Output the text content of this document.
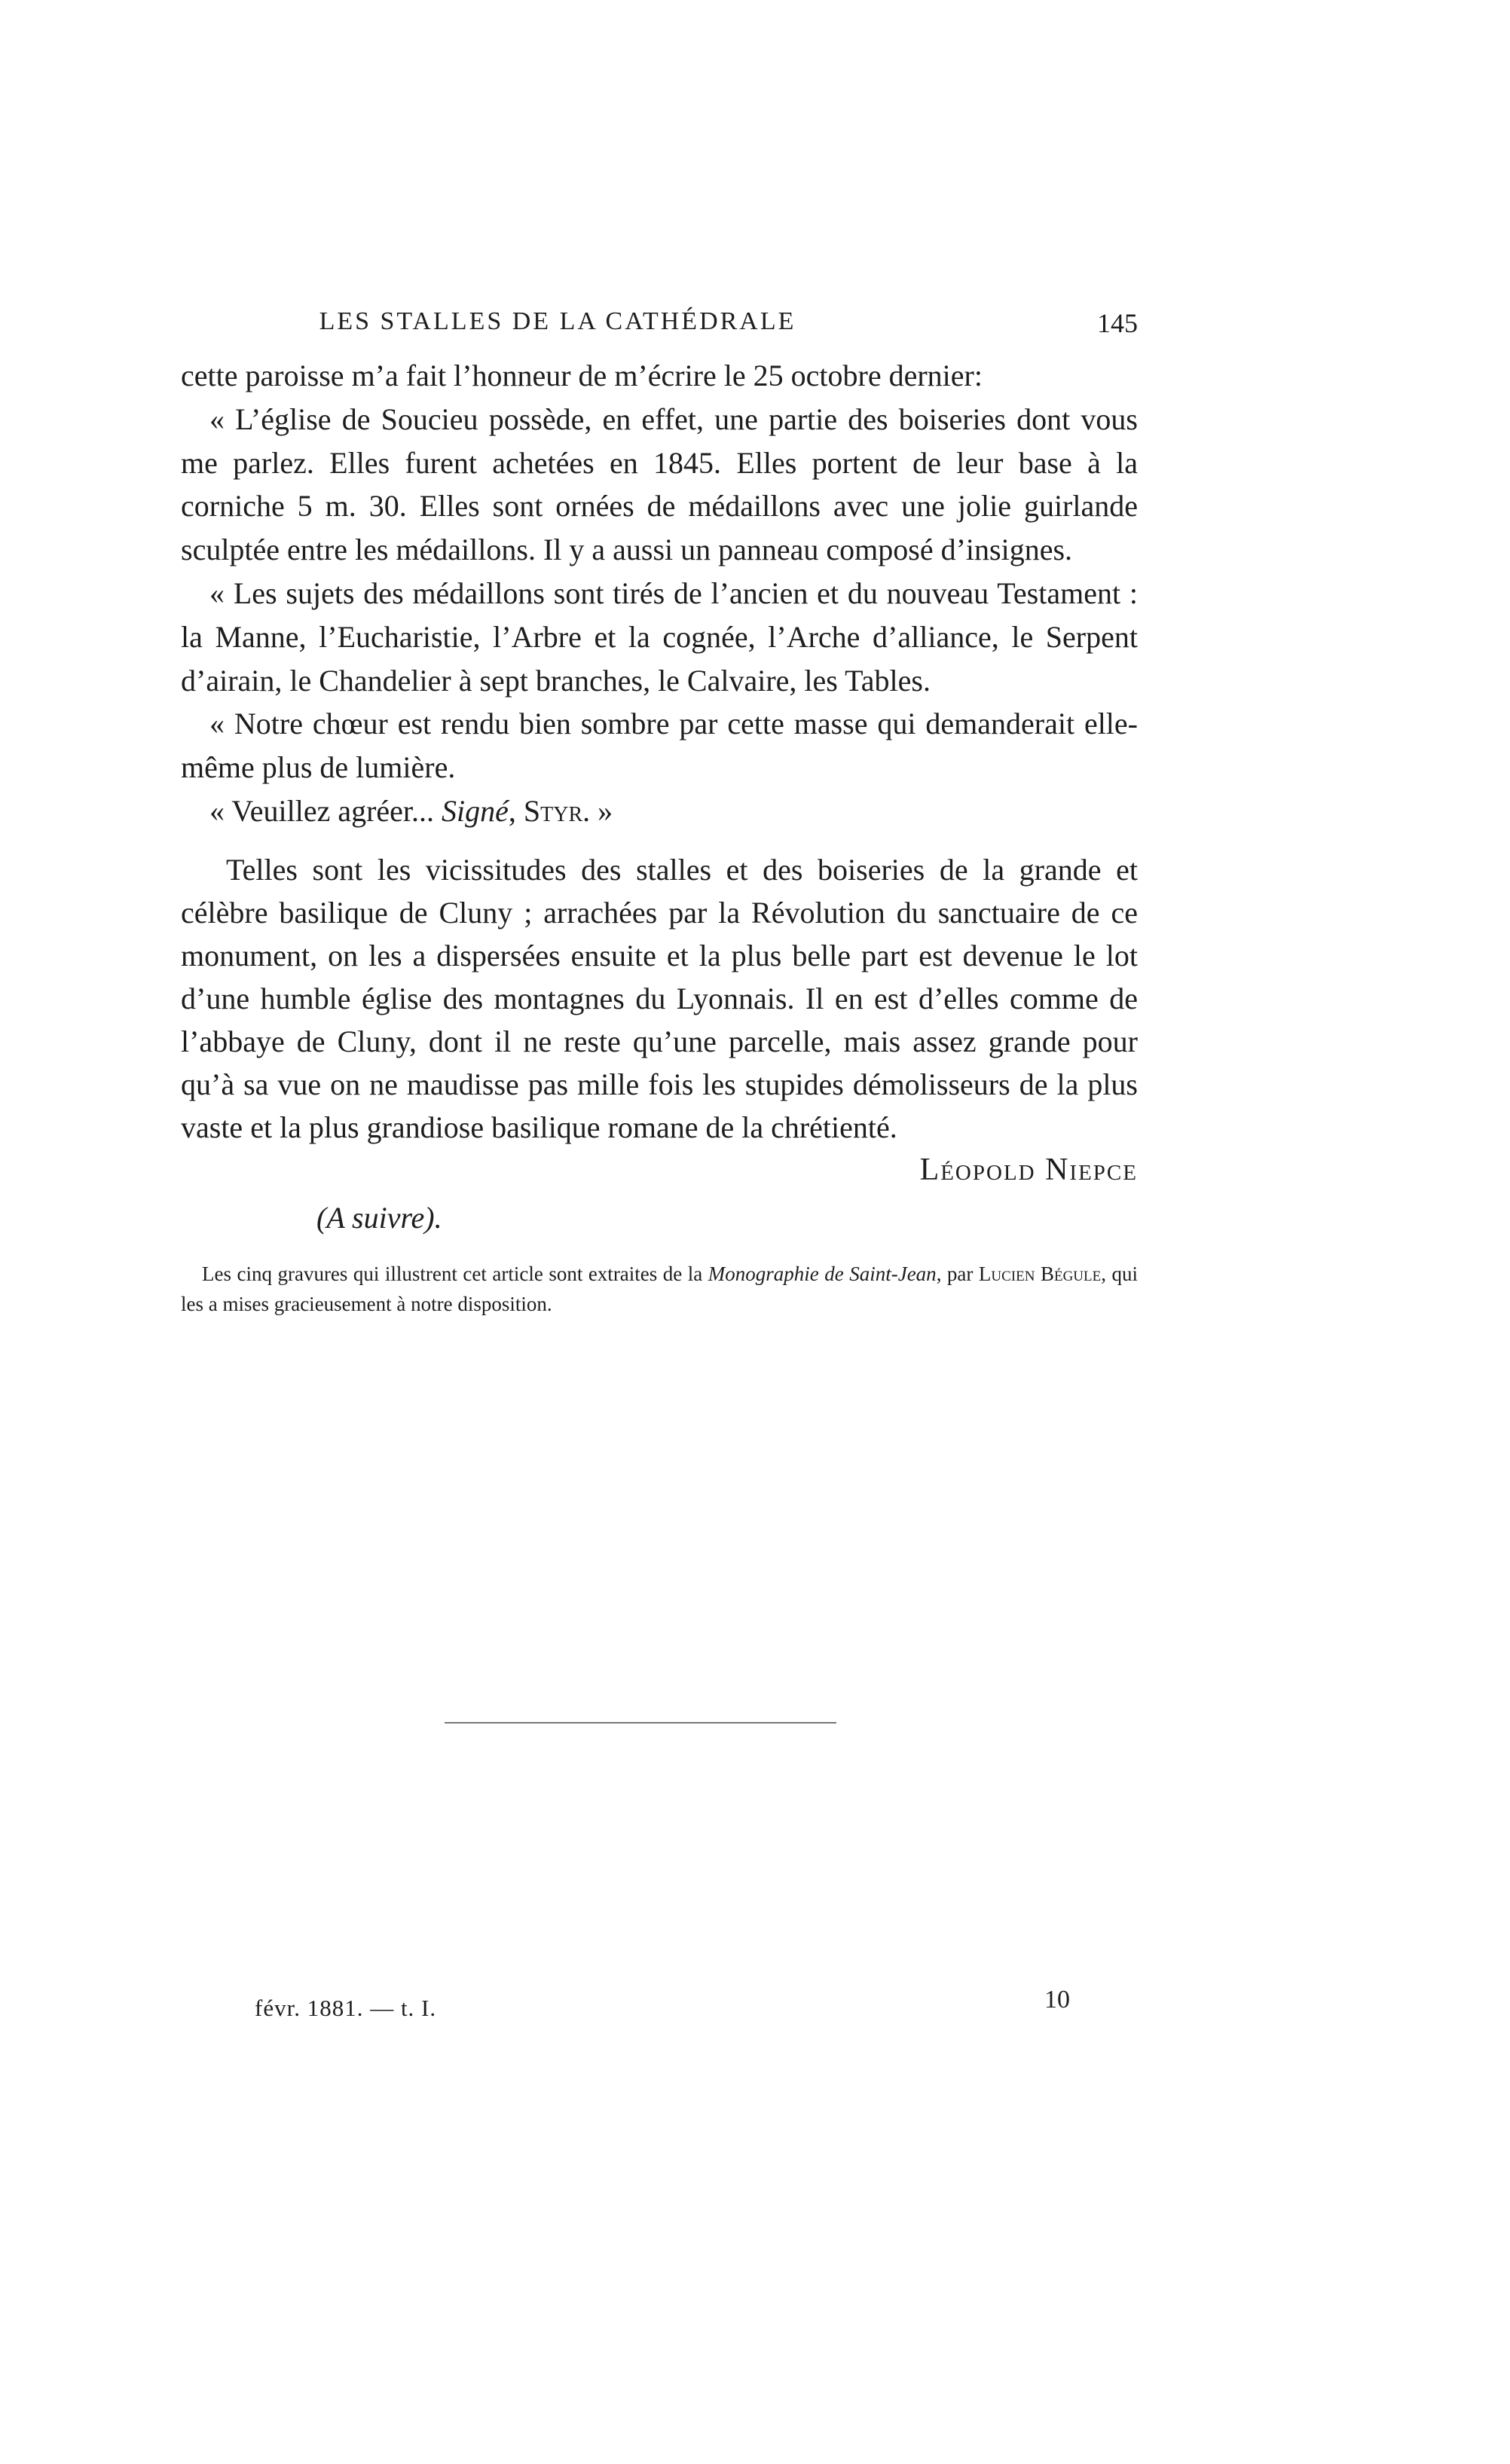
LES STALLES DE LA CATHÉDRALE	145

cette paroisse m’a fait l’honneur de m’écrire le 25 octobre dernier:

« L’église de Soucieu possède, en effet, une partie des boiseries dont vous me parlez. Elles furent achetées en 1845. Elles portent de leur base à la corniche 5 m. 30. Elles sont ornées de médaillons avec une jolie guirlande sculptée entre les médaillons. Il y a aussi un panneau composé d’insignes.

« Les sujets des médaillons sont tirés de l’ancien et du nouveau Testament : la Manne, l’Eucharistie, l’Arbre et la cognée, l’Arche d’alliance, le Serpent d’airain, le Chandelier à sept branches, le Calvaire, les Tables.

« Notre chœur est rendu bien sombre par cette masse qui demanderait elle-même plus de lumière.

« Veuillez agréer... Signé, Styr. »

Telles sont les vicissitudes des stalles et des boiseries de la grande et célèbre basilique de Cluny ; arrachées par la Révolution du sanctuaire de ce monument, on les a dispersées ensuite et la plus belle part est devenue le lot d’une humble église des montagnes du Lyonnais. Il en est d’elles comme de l’abbaye de Cluny, dont il ne reste qu’une parcelle, mais assez grande pour qu’à sa vue on ne maudisse pas mille fois les stupides démolisseurs de la plus vaste et la plus grandiose basilique romane de la chrétienté.

Léopold Niepce

(A suivre).

Les cinq gravures qui illustrent cet article sont extraites de la Monographie de Saint-Jean, par Lucien Bégule, qui les a mises gracieusement à notre disposition.
févr. 1881. — t. I.	10
